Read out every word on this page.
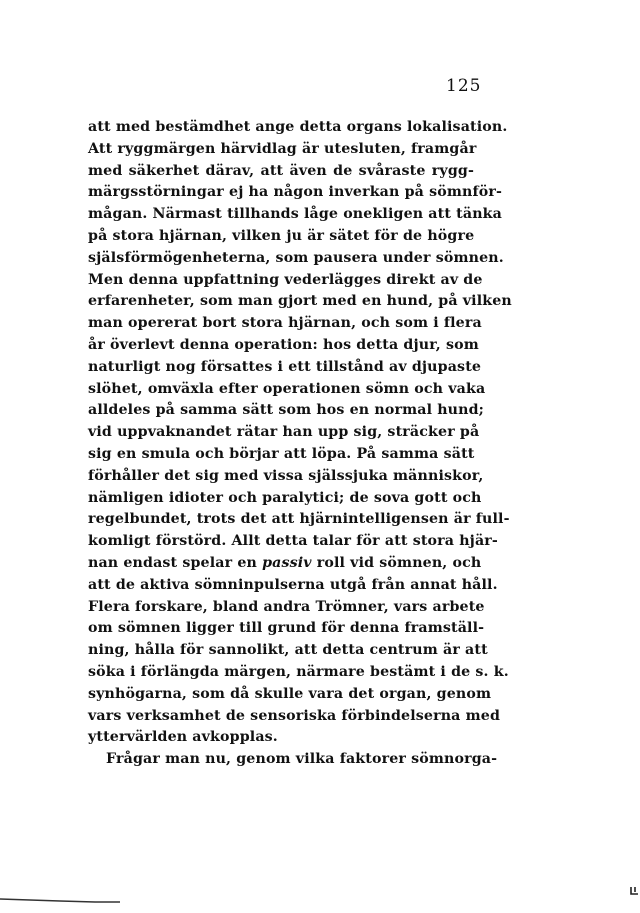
125
att med bestämdhet ange detta organs lokalisation.
Att ryggmärgen härvidlag är utesluten, framgår
med säkerhet därav, att även de svåraste rygg-
märgsstörningar ej ha någon inverkan på sömnför-
mågan. Närmast tillhands låge onekligen att tänka
på stora hjärnan, vilken ju är sätet för de högre
själsförmögenheterna, som pausera under sömnen.
Men denna uppfattning vederlägges direkt av de
erfarenheter, som man gjort med en hund, på vilken
man opererat bort stora hjärnan, och som i flera
år överlevt denna operation: hos detta djur, som
naturligt nog försattes i ett tillstånd av djupaste
slöhet, omväxla efter operationen sömn och vaka
alldeles på samma sätt som hos en normal hund;
vid uppvaknandet rätar han upp sig, sträcker på
sig en smula och börjar att löpa. På samma sätt
förhåller det sig med vissa själssjuka människor,
nämligen idioter och paralytici; de sova gott och
regelbundet, trots det att hjärnintelligensen är full-
komligt förstörd. Allt detta talar för att stora hjär-
nan endast spelar en passiv roll vid sömnen, och
att de aktiva sömninpulserna utgå från annat håll.
Flera forskare, bland andra Trömner, vars arbete
om sömnen ligger till grund för denna framställ-
ning, hålla för sannolikt, att detta centrum är att
söka i förlängda märgen, närmare bestämt i de s. k.
synhögarna, som då skulle vara det organ, genom
vars verksamhet de sensoriska förbindelserna med
yttervärlden avkopplas.
Frågar man nu, genom vilka faktorer sömnorga-
